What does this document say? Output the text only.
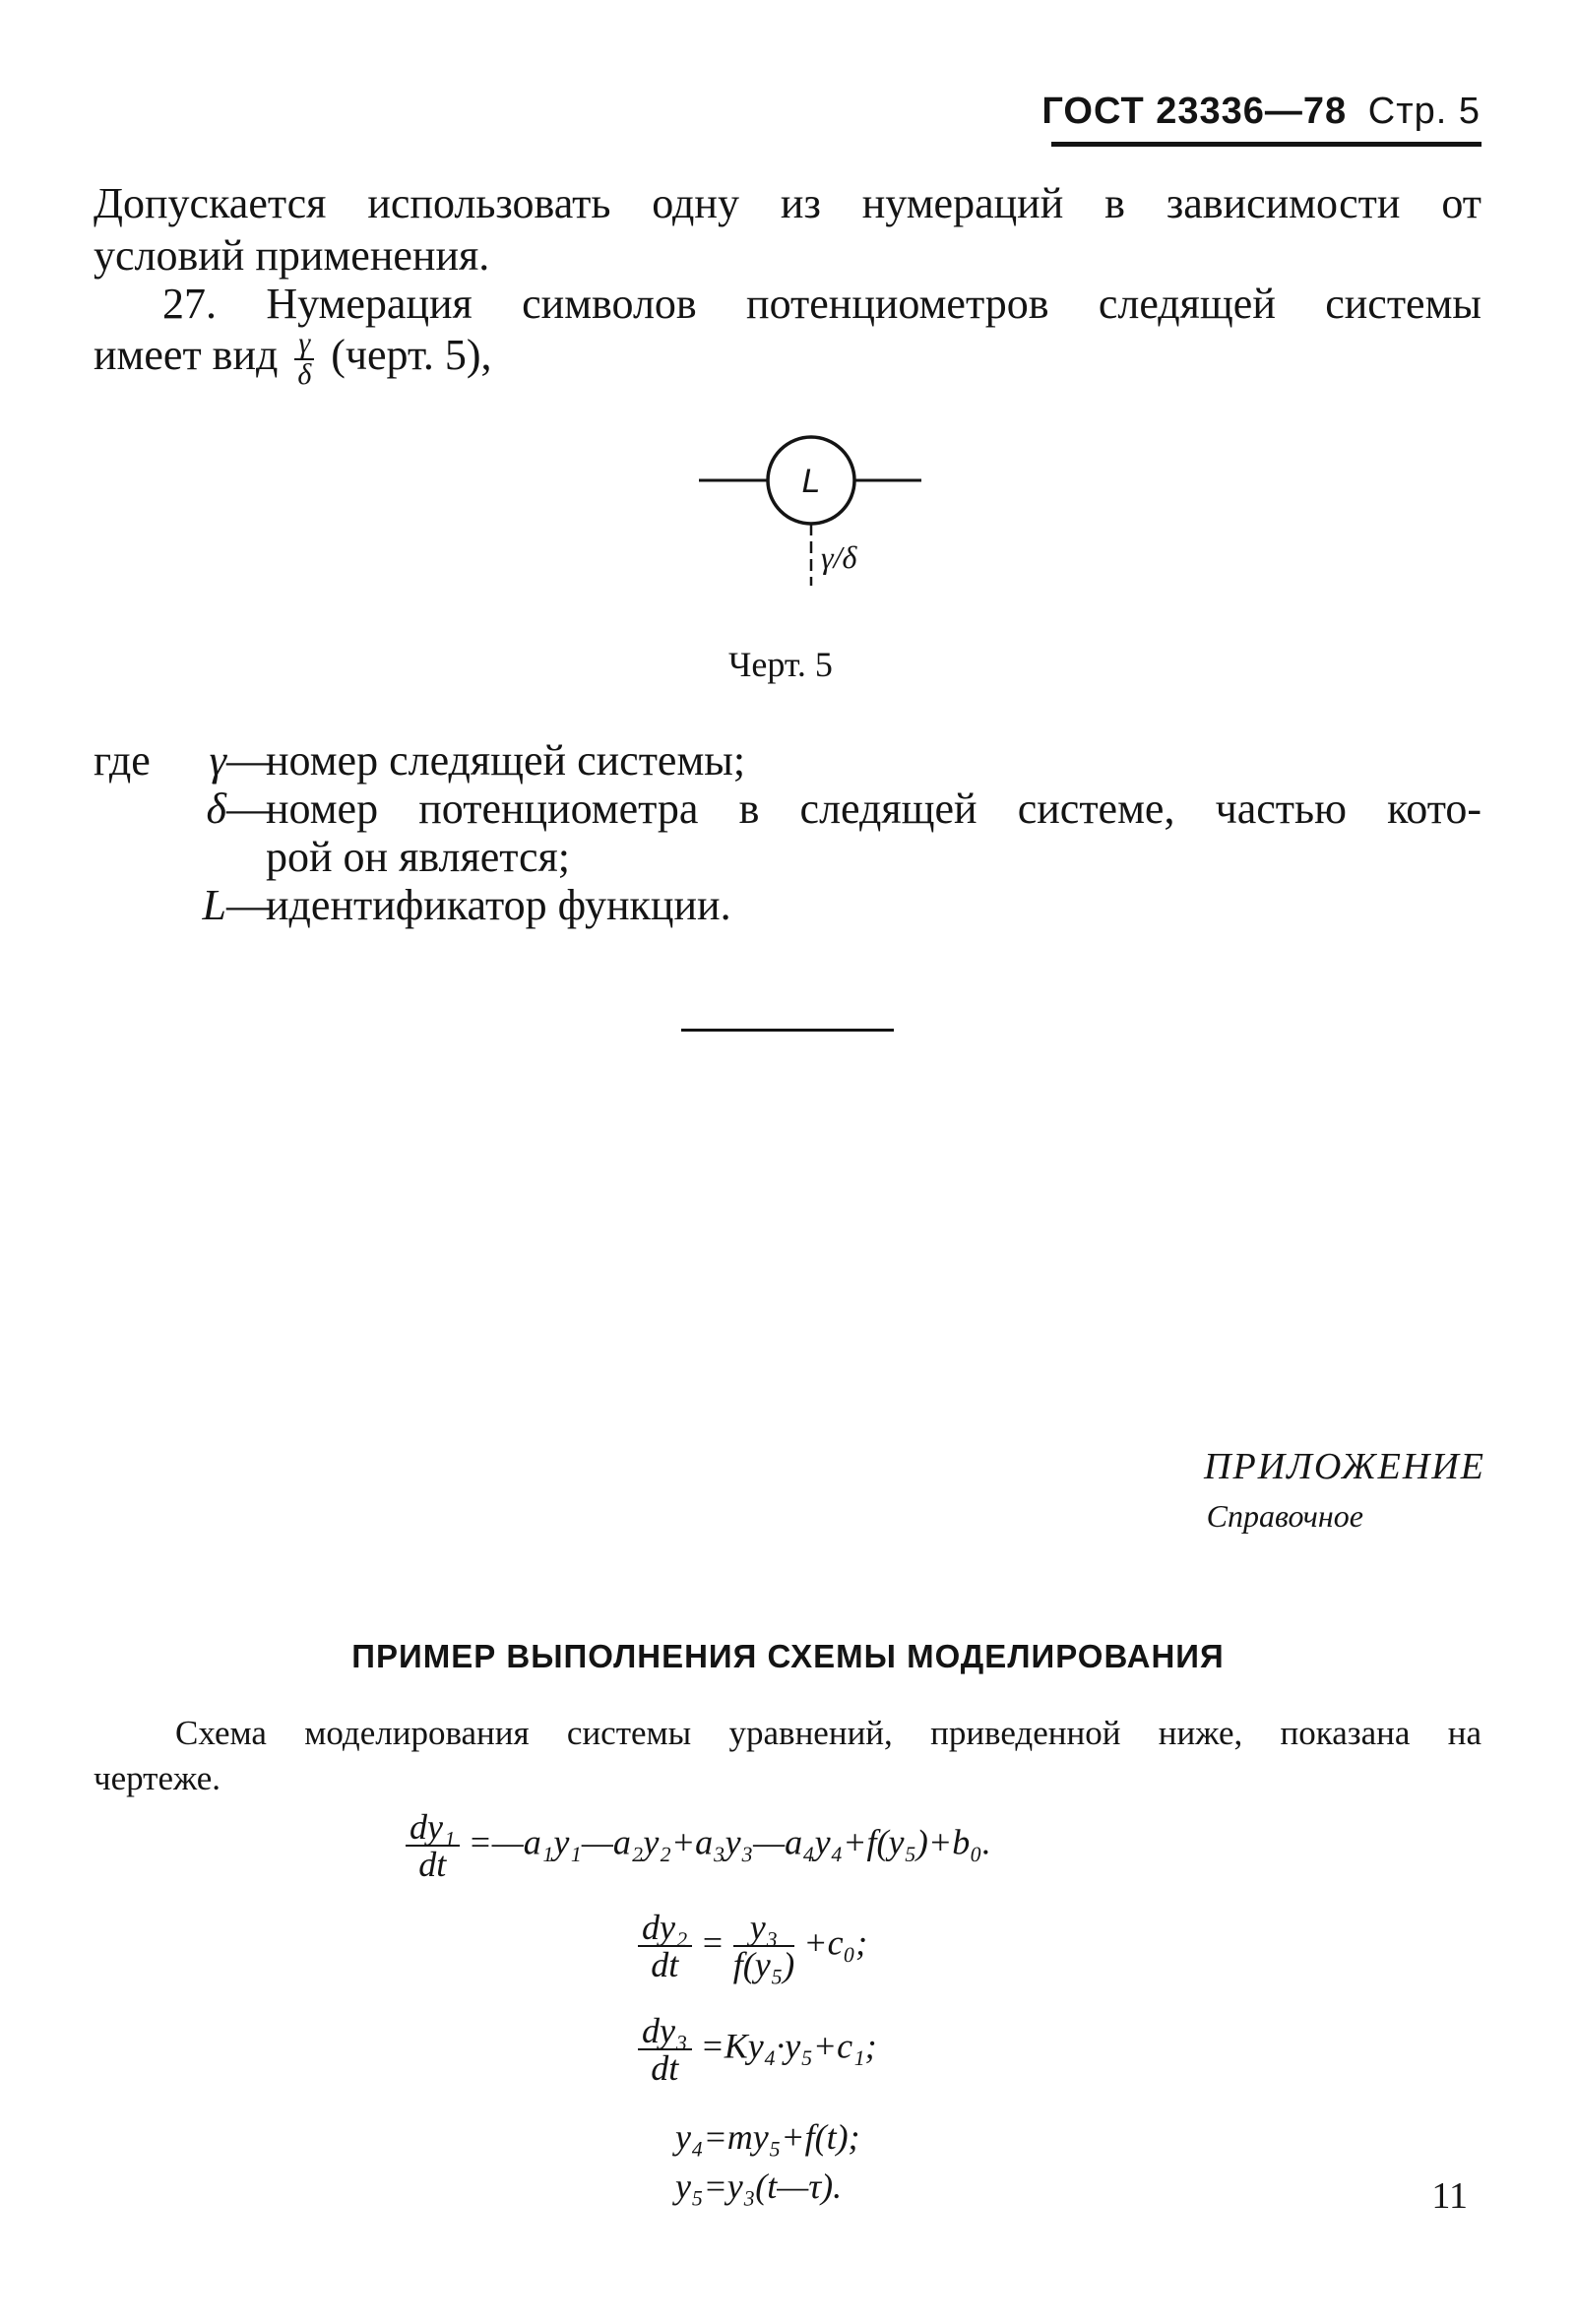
ГОСТ 23336—78 Стр. 5
Допускается использовать одну из нумераций в зависимости от
условий применения.
27. Нумерация символов потенциометров следящей системы
имеет вид $\frac{\gamma}{\delta}$ (черт. 5),
L
γ/δ
Черт. 5
где	γ —
номер следящей системы;
δ —
номер потенциометра в следящей системе, частью кото-
рой он является;
L —
идентификатор функции.
ПРИЛОЖЕНИЕ
Справочное
ПРИМЕР ВЫПОЛНЕНИЯ СХЕМЫ МОДЕЛИРОВАНИЯ
Схема моделирования системы уравнений, приведенной ниже, показана на
чертеже.
$\frac{\text{dy₁}}{dt}$ =—a₁y₁—a₂y₂+a₃y₃—a₄y₄+f(y₅)+b₀.
$\frac{\text{dy₂}}{dt} = \frac{\text{y₃}}{\text{f(y₅)}} +c_0$;
$\frac{\text{dy₃}}{dt} =Ky_4\cdot y_5+c_1$;
y₄=my₅+f(t);
y₅=y₃(t—τ).	11
